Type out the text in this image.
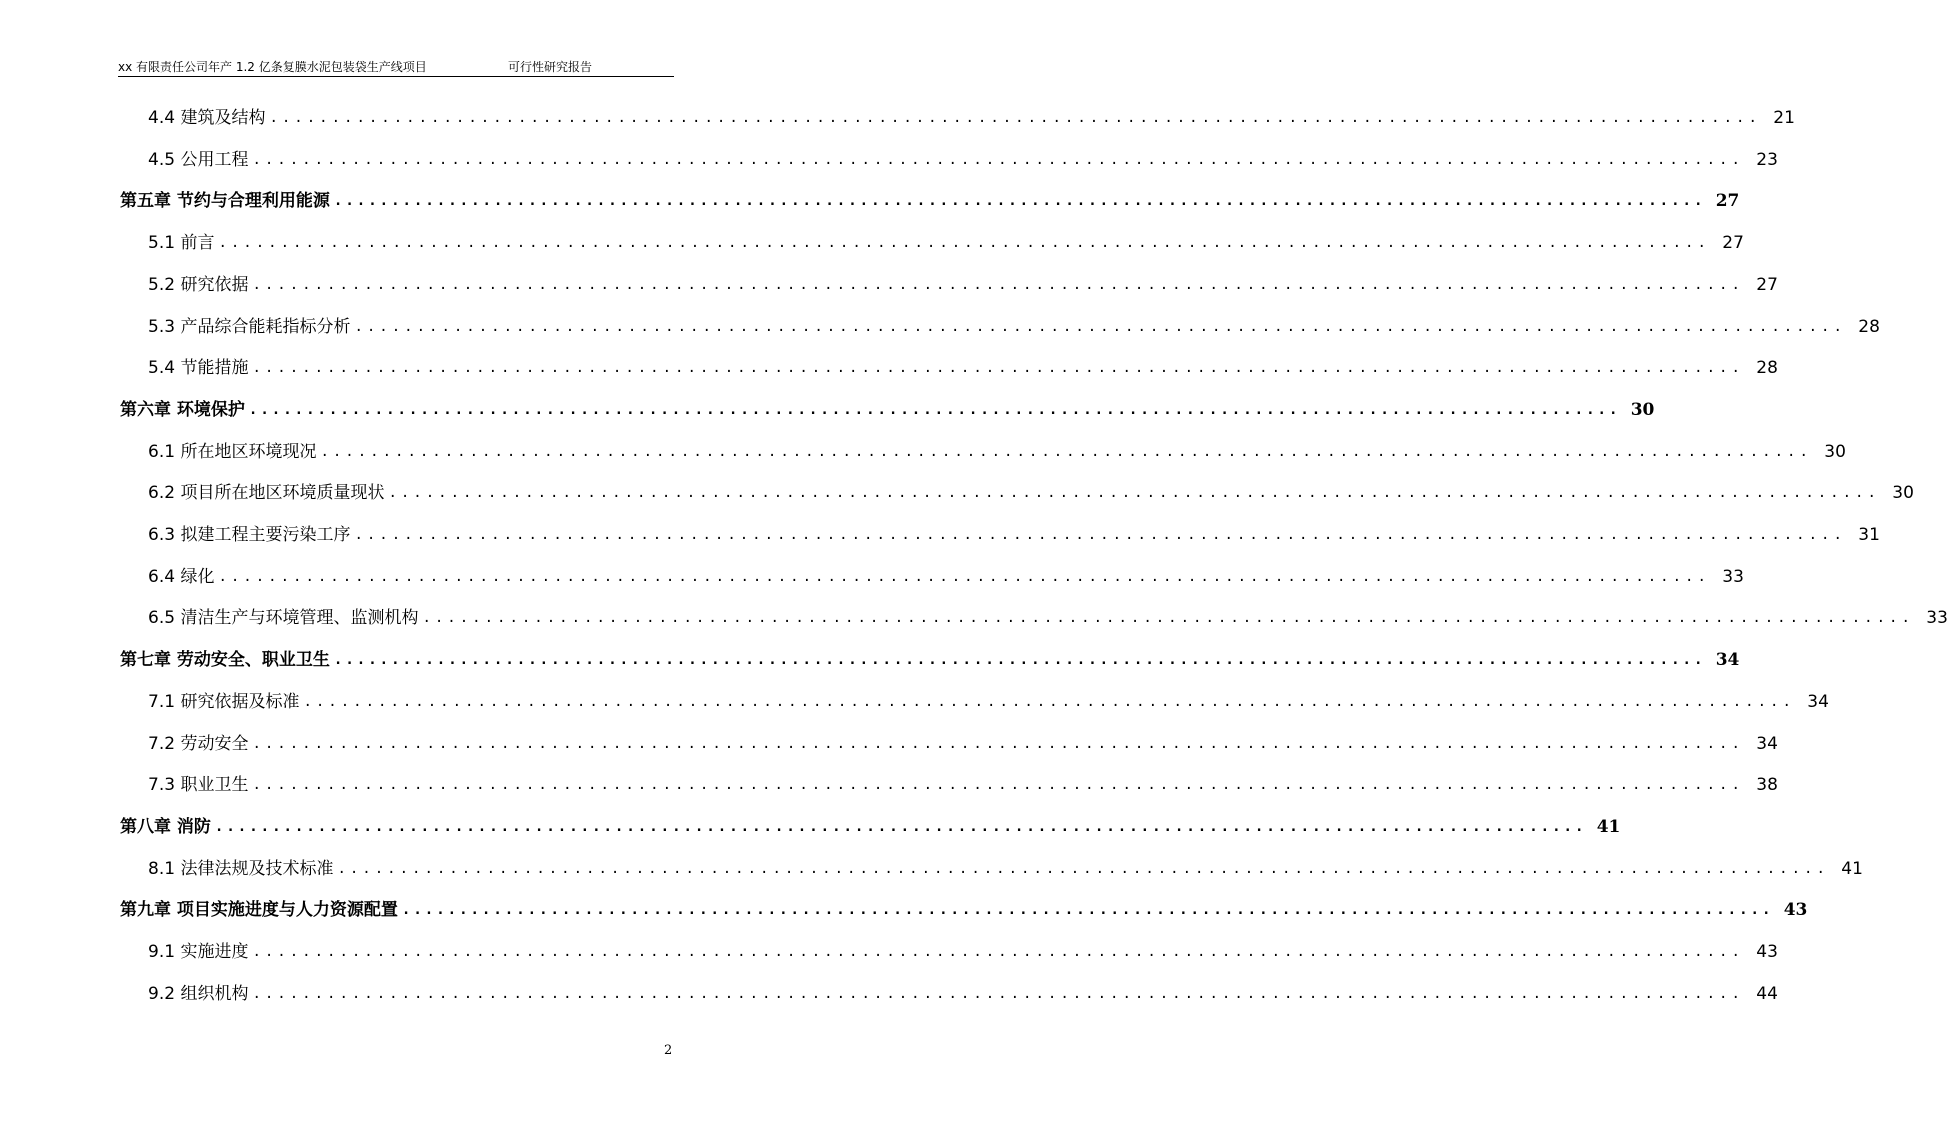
xx 有限责任公司年产 1.2 亿条复膜水泥包装袋生产线项目	可行性研究报告
4.4 建筑及结构 ........................................................................................................................ 21
4.5 公用工程 ........................................................................................................................ 23
第五章 节约与合理利用能源 ........................................................................................................................ 27
5.1 前言 ........................................................................................................................ 27
5.2 研究依据 ........................................................................................................................ 27
5.3 产品综合能耗指标分析 ........................................................................................................................ 28
5.4 节能措施 ........................................................................................................................ 28
第六章 环境保护 ........................................................................................................................ 30
6.1 所在地区环境现况 ........................................................................................................................ 30
6.2 项目所在地区环境质量现状 ........................................................................................................................ 30
6.3 拟建工程主要污染工序 ........................................................................................................................ 31
6.4 绿化 ........................................................................................................................ 33
6.5 清洁生产与环境管理、监测机构 ........................................................................................................................ 33
第七章 劳动安全、职业卫生 ........................................................................................................................ 34
7.1 研究依据及标准 ........................................................................................................................ 34
7.2 劳动安全 ........................................................................................................................ 34
7.3 职业卫生 ........................................................................................................................ 38
第八章 消防 ........................................................................................................................ 41
8.1 法律法规及技术标准 ........................................................................................................................ 41
第九章 项目实施进度与人力资源配置 ........................................................................................................................ 43
9.1 实施进度 ........................................................................................................................ 43
9.2 组织机构 ........................................................................................................................ 44
2
